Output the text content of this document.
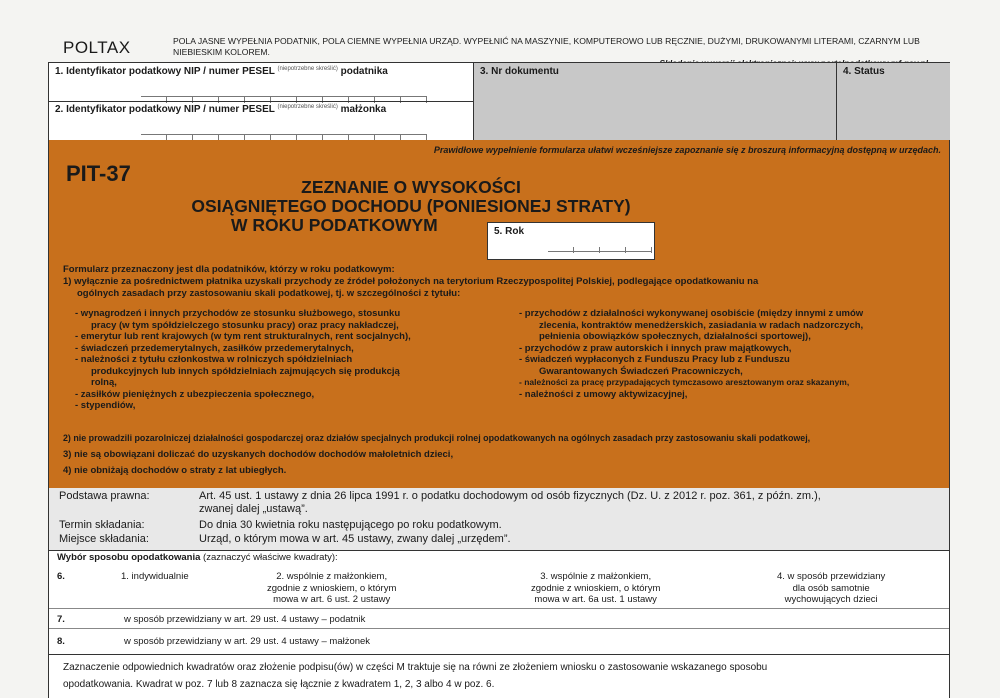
POLTAX	POLA JASNE WYPEŁNIA PODATNIK, POLA CIEMNE WYPEŁNIA URZĄD. WYPEŁNIĆ NA MASZYNIE, KOMPUTEROWO LUB RĘCZNIE, DUŻYMI, DRUKOWANYMI LITERAMI, CZARNYM LUB NIEBIESKIM KOLOREM.
1. Identyfikator podatkowy NIP / numer PESEL $^{(niepotrzebne skreślić)}$ podatnika
2. Identyfikator podatkowy NIP / numer PESEL $^{(niepotrzebne skreślić)}$ małżonka
3. Nr dokumentu	4. Status
Prawidłowe wypełnienie formularza ułatwi wcześniejsze zapoznanie się z broszurą informacyjną dostępną w urzędach.
PIT-37
ZEZNANIE O WYSOKOŚCI
OSIĄGNIĘTEGO DOCHODU (PONIESIONEJ STRATY)
W ROKU PODATKOWYM	5. Rok
Formularz przeznaczony jest dla podatników, którzy w roku podatkowym:
1) wyłącznie za pośrednictwem płatnika uzyskali przychody ze źródeł położonych na terytorium Rzeczypospolitej Polskiej, podlegające opodatkowaniu na
ogólnych zasadach przy zastosowaniu skali podatkowej, tj. w szczególności z tytułu:
- wynagrodzeń i innych przychodów ze stosunku służbowego, stosunku
pracy (w tym spółdzielczego stosunku pracy) oraz pracy nakładczej,
- emerytur lub rent krajowych (w tym rent strukturalnych, rent socjalnych),
- świadczeń przedemerytalnych, zasiłków przedemerytalnych,
- należności z tytułu członkostwa w rolniczych spółdzielniach
produkcyjnych lub innych spółdzielniach zajmujących się produkcją
rolną,
- zasiłków pieniężnych z ubezpieczenia społecznego,
- stypendiów,
- przychodów z działalności wykonywanej osobiście (między innymi z umów
zlecenia, kontraktów menedżerskich, zasiadania w radach nadzorczych,
pełnienia obowiązków społecznych, działalności sportowej),
- przychodów z praw autorskich i innych praw majątkowych,
- świadczeń wypłaconych z Funduszu Pracy lub z Funduszu
Gwarantowanych Świadczeń Pracowniczych,
- należności za pracę przypadających tymczasowo aresztowanym oraz skazanym,
- należności z umowy aktywizacyjnej,
2) nie prowadzili pozarolniczej działalności gospodarczej oraz działów specjalnych produkcji rolnej opodatkowanych na ogólnych zasadach przy zastosowaniu skali podatkowej,
3) nie są obowiązani doliczać do uzyskanych dochodów dochodów małoletnich dzieci,
4) nie obniżają dochodów o straty z lat ubiegłych.
Podstawa prawna:	Art. 45 ust. 1 ustawy z dnia 26 lipca 1991 r. o podatku dochodowym od osób fizycznych (Dz. U. z 2012 r. poz. 361, z późn. zm.),
zwanej dalej „ustawą”.
Termin składania:	Do dnia 30 kwietnia roku następującego po roku podatkowym.
Miejsce składania:	Urząd, o którym mowa w art. 45 ustawy, zwany dalej „urzędem”.
Wybór sposobu opodatkowania (zaznaczyć właściwe kwadraty):
6.	1. indywidualnie	2. wspólnie z małżonkiem,
zgodnie z wnioskiem, o którym
mowa w art. 6 ust. 2 ustawy
3. wspólnie z małżonkiem,
zgodnie z wnioskiem, o którym
mowa w art. 6a ust. 1 ustawy
4. w sposób przewidziany
dla osób samotnie
wychowujących dzieci
7.	w sposób przewidziany w art. 29 ust. 4 ustawy – podatnik
8.	w sposób przewidziany w art. 29 ust. 4 ustawy – małżonek
Zaznaczenie odpowiednich kwadratów oraz złożenie podpisu(ów) w części M traktuje się na równi ze złożeniem wniosku o zastosowanie wskazanego sposobu
opodatkowania. Kwadrat w poz. 7 lub 8 zaznacza się łącznie z kwadratem 1, 2, 3 albo 4 w poz. 6.
